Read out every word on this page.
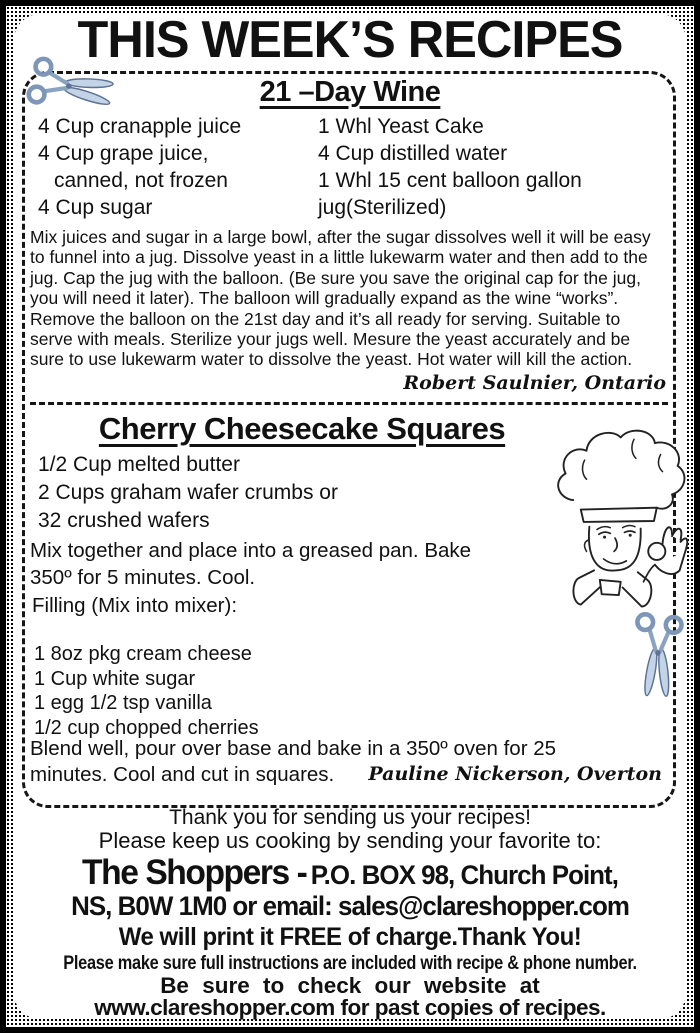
THIS WEEK’S RECIPES
21 –Day Wine
4 Cup cranapple juice
4 Cup grape juice,
canned, not frozen
4 Cup sugar
1 Whl Yeast Cake
4 Cup distilled water
1 Whl 15 cent balloon gallon
jug(Sterilized)
Mix juices and sugar in a large bowl, after the sugar dissolves well it will be easy to funnel into a jug. Dissolve yeast in a little lukewarm water and then add to the jug. Cap the jug with the balloon. (Be sure you save the original cap for the jug, you will need it later). The balloon will gradually expand as the wine “works”. Remove the balloon on the 21st day and it’s all ready for serving. Suitable to serve with meals. Sterilize your jugs well. Mesure the yeast accurately and be sure to use lukewarm water to dissolve the yeast. Hot water will kill the action.
Robert Saulnier, Ontario
Cherry Cheesecake Squares
1/2 Cup melted butter
2 Cups graham wafer crumbs or
32 crushed wafers
Mix together and place into a greased pan. Bake 350º for 5 minutes. Cool.
Filling (Mix into mixer):
1 8oz pkg cream cheese
1 Cup white sugar
1 egg 1/2 tsp vanilla
1/2 cup chopped cherries
Blend well, pour over base and bake in a 350º oven for 25 minutes. Cool and cut in squares.	Pauline Nickerson, Overton
Thank you for sending us your recipes!
Please keep us cooking by sending your favorite to:
The Shoppers - P.O. BOX 98, Church Point,
NS, B0W 1M0 or email: sales@clareshopper.com
We will print it FREE of charge.Thank You!
Please make sure full instructions are included with recipe & phone number.
Be sure to check our website at
www.clareshopper.com for past copies of recipes.
